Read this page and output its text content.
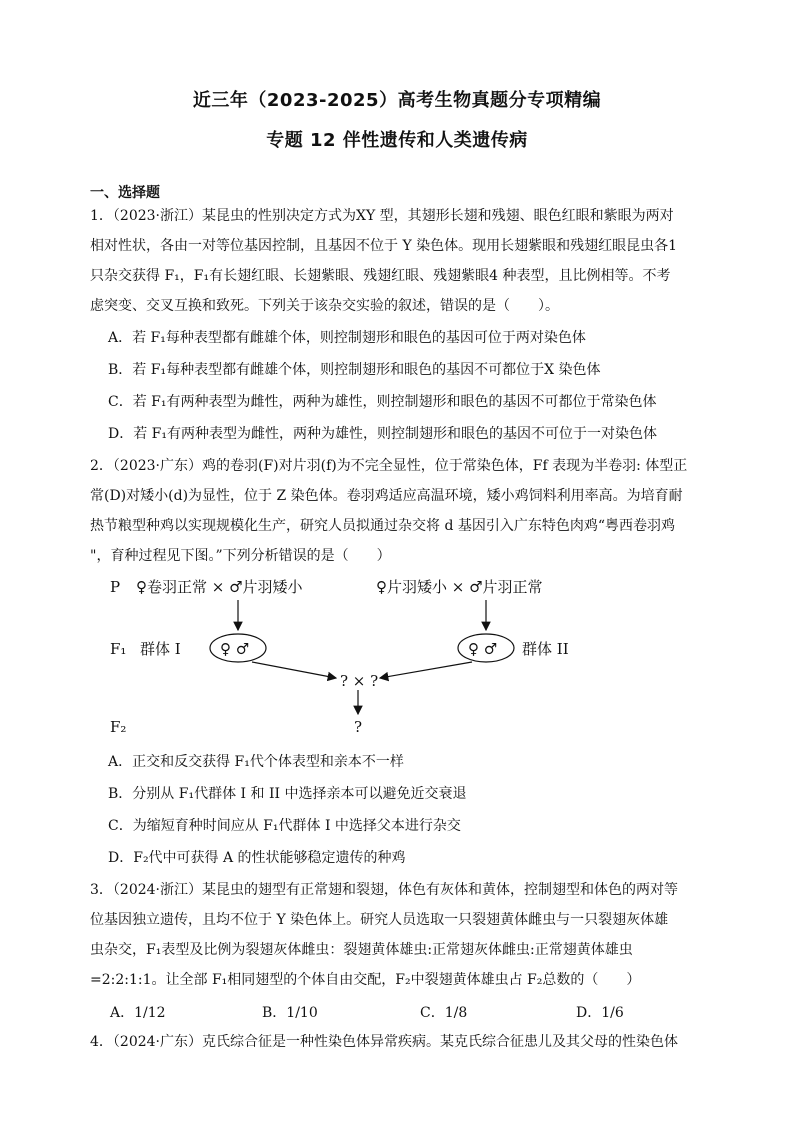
近三年（2023-2025）高考生物真题分专项精编
专题 12 伴性遗传和人类遗传病
一、选择题
1．（2023·浙江）某昆虫的性别决定方式为XY 型，其翅形长翅和残翅、眼色红眼和紫眼为两对
相对性状，各由一对等位基因控制，且基因不位于 Y 染色体。现用长翅紫眼和残翅红眼昆虫各1
只杂交获得 F₁，F₁有长翅红眼、长翅紫眼、残翅红眼、残翅紫眼4 种表型，且比例相等。不考
虑突变、交叉互换和致死。下列关于该杂交实验的叙述，错误的是（　　）。
A．若 F₁每种表型都有雌雄个体，则控制翅形和眼色的基因可位于两对染色体
B．若 F₁每种表型都有雌雄个体，则控制翅形和眼色的基因不可都位于X 染色体
C．若 F₁有两种表型为雌性，两种为雄性，则控制翅形和眼色的基因不可都位于常染色体
D．若 F₁有两种表型为雌性，两种为雄性，则控制翅形和眼色的基因不可位于一对染色体
2．（2023·广东）鸡的卷羽(F)对片羽(f)为不完全显性，位于常染色体，Ff 表现为半卷羽: 体型正
常(D)对矮小(d)为显性，位于 Z 染色体。卷羽鸡适应高温环境，矮小鸡饲料利用率高。为培育耐
热节粮型种鸡以实现规模化生产，研究人员拟通过杂交将 d 基因引入广东特色肉鸡“粤西卷羽鸡
"，育种过程见下图。”下列分析错误的是（　　）
P ♀卷羽正常 × ♂片羽矮小	♀片羽矮小 × ♂片羽正常
F₁ 群体 I	♀ ♂	♀ ♂ 群体 II
? × ?
F₂	?
A．正交和反交获得 F₁代个体表型和亲本不一样
B．分别从 F₁代群体 I 和 II 中选择亲本可以避免近交衰退
C．为缩短育种时间应从 F₁代群体 I 中选择父本进行杂交
D．F₂代中可获得 A 的性状能够稳定遗传的种鸡
3．（2024·浙江）某昆虫的翅型有正常翅和裂翅，体色有灰体和黄体，控制翅型和体色的两对等
位基因独立遗传，且均不位于 Y 染色体上。研究人员选取一只裂翅黄体雌虫与一只裂翅灰体雄
虫杂交，F₁表型及比例为裂翅灰体雌虫：裂翅黄体雄虫:正常翅灰体雌虫:正常翅黄体雄虫
=2:2:1:1。让全部 F₁相同翅型的个体自由交配，F₂中裂翅黄体雄虫占 F₂总数的（　　）
A．1/12	B．1/10	C．1/8	D．1/6
4．（2024·广东）克氏综合征是一种性染色体异常疾病。某克氏综合征患儿及其父母的性染色体
